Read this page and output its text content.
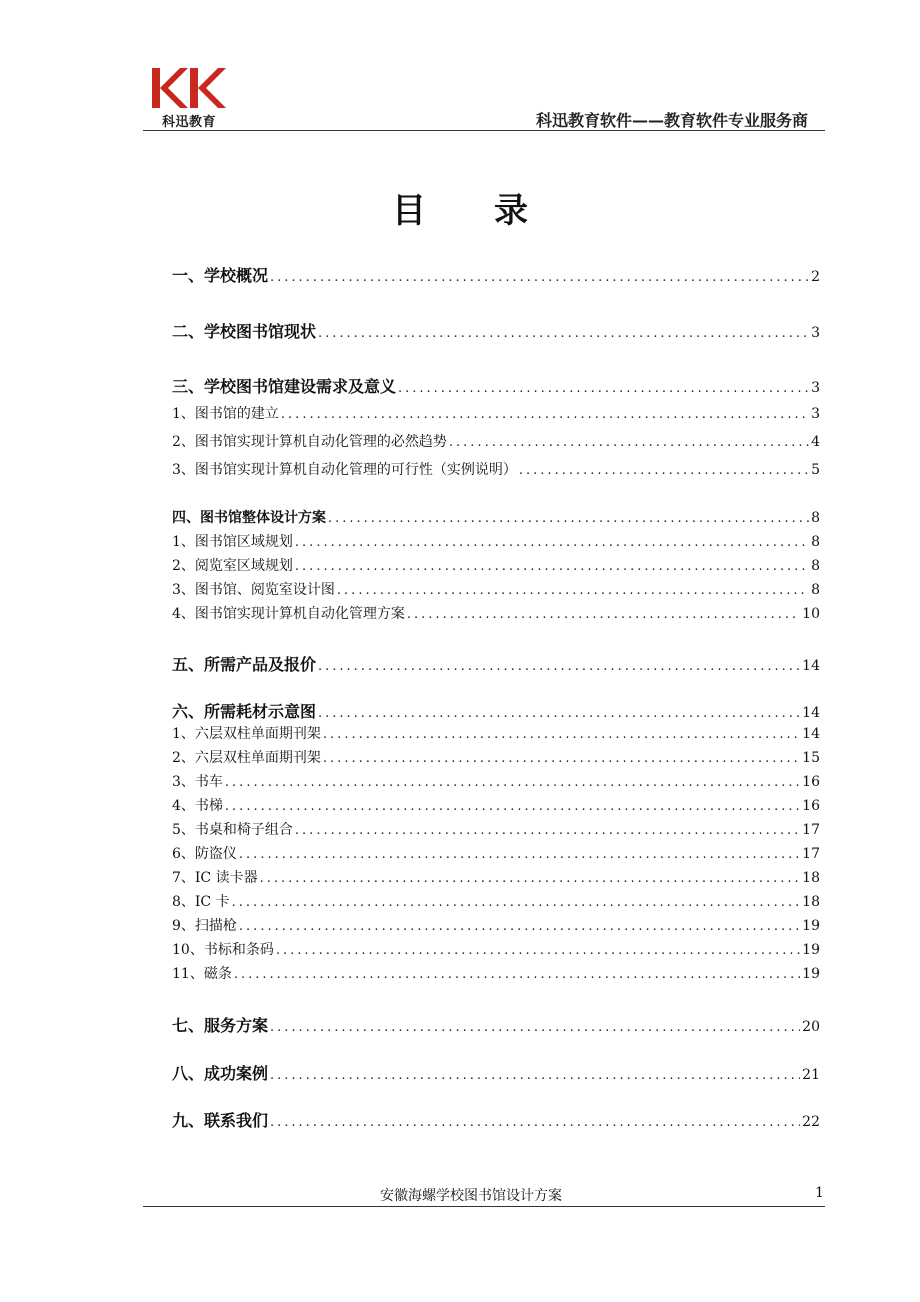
科迅教育	科迅教育软件——教育软件专业服务商
目 录
一、学校概况 .....	2
二、学校图书馆现状 .....	3
三、学校图书馆建设需求及意义 .....	3
1、图书馆的建立 .....	3
2、图书馆实现计算机自动化管理的必然趋势 .....	4
3、图书馆实现计算机自动化管理的可行性（实例说明） .....	5
四、图书馆整体设计方案 .....	8
1、图书馆区域规划 .....	8
2、阅览室区域规划 .....	8
3、图书馆、阅览室设计图 .....	8
4、图书馆实现计算机自动化管理方案 .....	10
五、所需产品及报价 .....	14
六、所需耗材示意图 .....	14
1、六层双柱单面期刊架 .....	14
2、六层双柱单面期刊架 .....	15
3、书车 .....	16
4、书梯 .....	16
5、书桌和椅子组合 .....	17
6、防盗仪 .....	17
7、IC 读卡器 .....	18
8、IC 卡 .....	18
9、扫描枪 .....	19
10、书标和条码 .....	19
11、磁条 .....	19
七、服务方案 .....	20
八、成功案例 .....	21
九、联系我们 .....	22
安徽海螺学校图书馆设计方案	1
